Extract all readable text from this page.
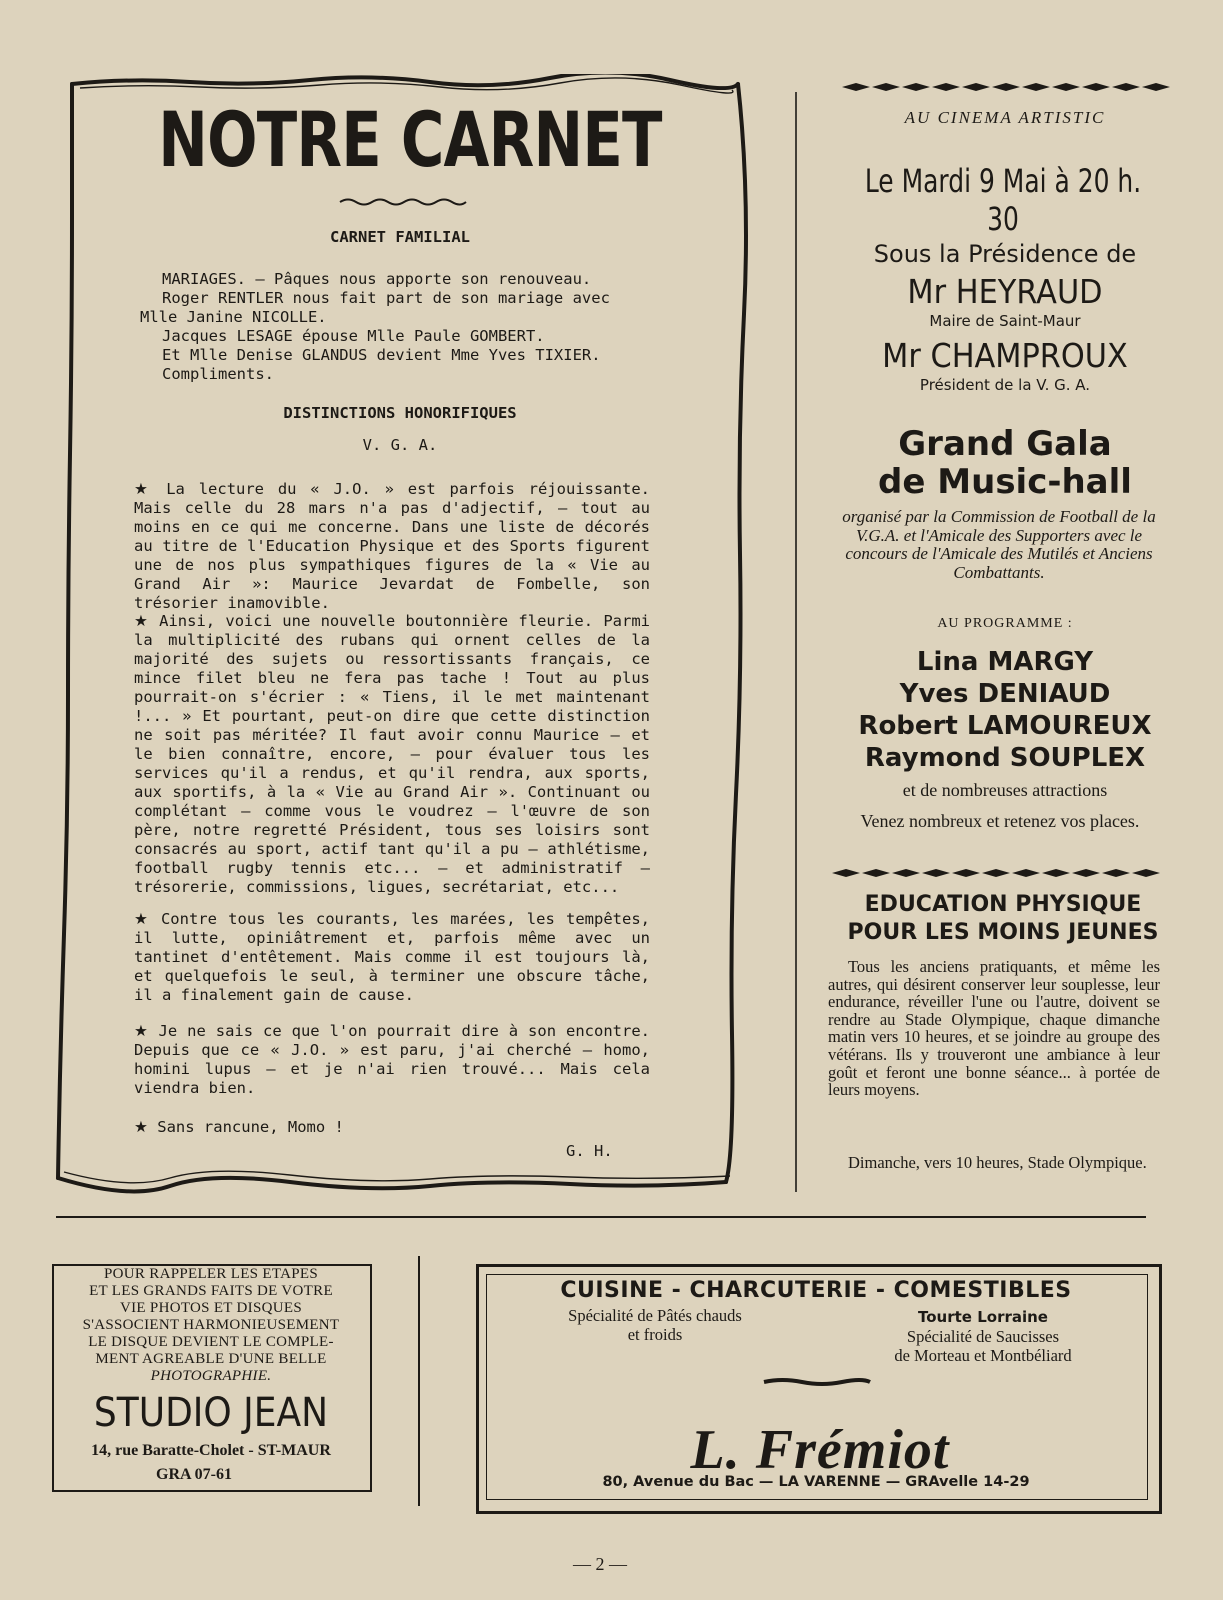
NOTRE CARNET
CARNET FAMILIAL
MARIAGES. — Pâques nous apporte son renouveau.
Roger RENTLER nous fait part de son mariage avec
Mlle Janine NICOLLE.
Jacques LESAGE épouse Mlle Paule GOMBERT.
Et Mlle Denise GLANDUS devient Mme Yves TIXIER.
Compliments.
DISTINCTIONS HONORIFIQUES
V. G. A.
★ La lecture du « J.O. » est parfois réjouissante. Mais celle du 28 mars n'a pas d'adjectif, — tout au moins en ce qui me concerne. Dans une liste de décorés au titre de l'Education Physique et des Sports figurent une de nos plus sympathiques figures de la « Vie au Grand Air »: Maurice Jevardat de Fombelle, son trésorier inamovible.
★ Ainsi, voici une nouvelle boutonnière fleurie. Parmi la multiplicité des rubans qui ornent celles de la majorité des sujets ou ressortissants français, ce mince filet bleu ne fera pas tache ! Tout au plus pourrait-on s'écrier : « Tiens, il le met maintenant !... » Et pourtant, peut-on dire que cette distinction ne soit pas méritée? Il faut avoir connu Maurice — et le bien connaître, encore, — pour évaluer tous les services qu'il a rendus, et qu'il rendra, aux sports, aux sportifs, à la « Vie au Grand Air ». Continuant ou complétant — comme vous le voudrez — l'œuvre de son père, notre regretté Président, tous ses loisirs sont consacrés au sport, actif tant qu'il a pu — athlétisme, football rugby tennis etc... — et administratif — trésorerie, commissions, ligues, secrétariat, etc...
★ Contre tous les courants, les marées, les tempêtes, il lutte, opiniâtrement et, parfois même avec un tantinet d'entêtement. Mais comme il est toujours là, et quelquefois le seul, à terminer une obscure tâche, il a finalement gain de cause.
★ Je ne sais ce que l'on pourrait dire à son encontre. Depuis que ce « J.O. » est paru, j'ai cherché — homo, homini lupus — et je n'ai rien trouvé... Mais cela viendra bien.
★ Sans rancune, Momo !
G. H.
AU CINEMA ARTISTIC
Le Mardi 9 Mai à 20 h. 30
Sous la Présidence de
Mr HEYRAUD
Maire de Saint-Maur
Mr CHAMPROUX
Président de la V. G. A.
Grand Gala
de Music-hall
organisé par la Commission de Football de la V.G.A. et l'Amicale des Supporters avec le concours de l'Amicale des Mutilés et Anciens Combattants.
AU PROGRAMME :
Lina MARGY
Yves DENIAUD
Robert LAMOUREUX
Raymond SOUPLEX
et de nombreuses attractions
Venez nombreux et retenez vos places.
EDUCATION PHYSIQUE
POUR LES MOINS JEUNES
Tous les anciens pratiquants, et même les autres, qui désirent conserver leur souplesse, leur endurance, réveiller l'une ou l'autre, doivent se rendre au Stade Olympique, chaque dimanche matin vers 10 heures, et se joindre au groupe des vétérans. Ils y trouveront une ambiance à leur goût et feront une bonne séance... à portée de leurs moyens.
Dimanche, vers 10 heures, Stade Olympique.
POUR RAPPELER LES ETAPES
ET LES GRANDS FAITS DE VOTRE
VIE PHOTOS ET DISQUES
S'ASSOCIENT HARMONIEUSEMENT
LE DISQUE DEVIENT LE COMPLE-
MENT AGREABLE D'UNE BELLE
PHOTOGRAPHIE.
STUDIO JEAN
14, rue Baratte-Cholet - ST-MAUR
GRA 07-61
CUISINE - CHARCUTERIE - COMESTIBLES
Spécialité de Pâtés chauds
et froids
Tourte Lorraine
Spécialité de Saucisses
de Morteau et Montbéliard
L. Frémiot
80, Avenue du Bac — LA VARENNE — GRAvelle 14-29
— 2 —
